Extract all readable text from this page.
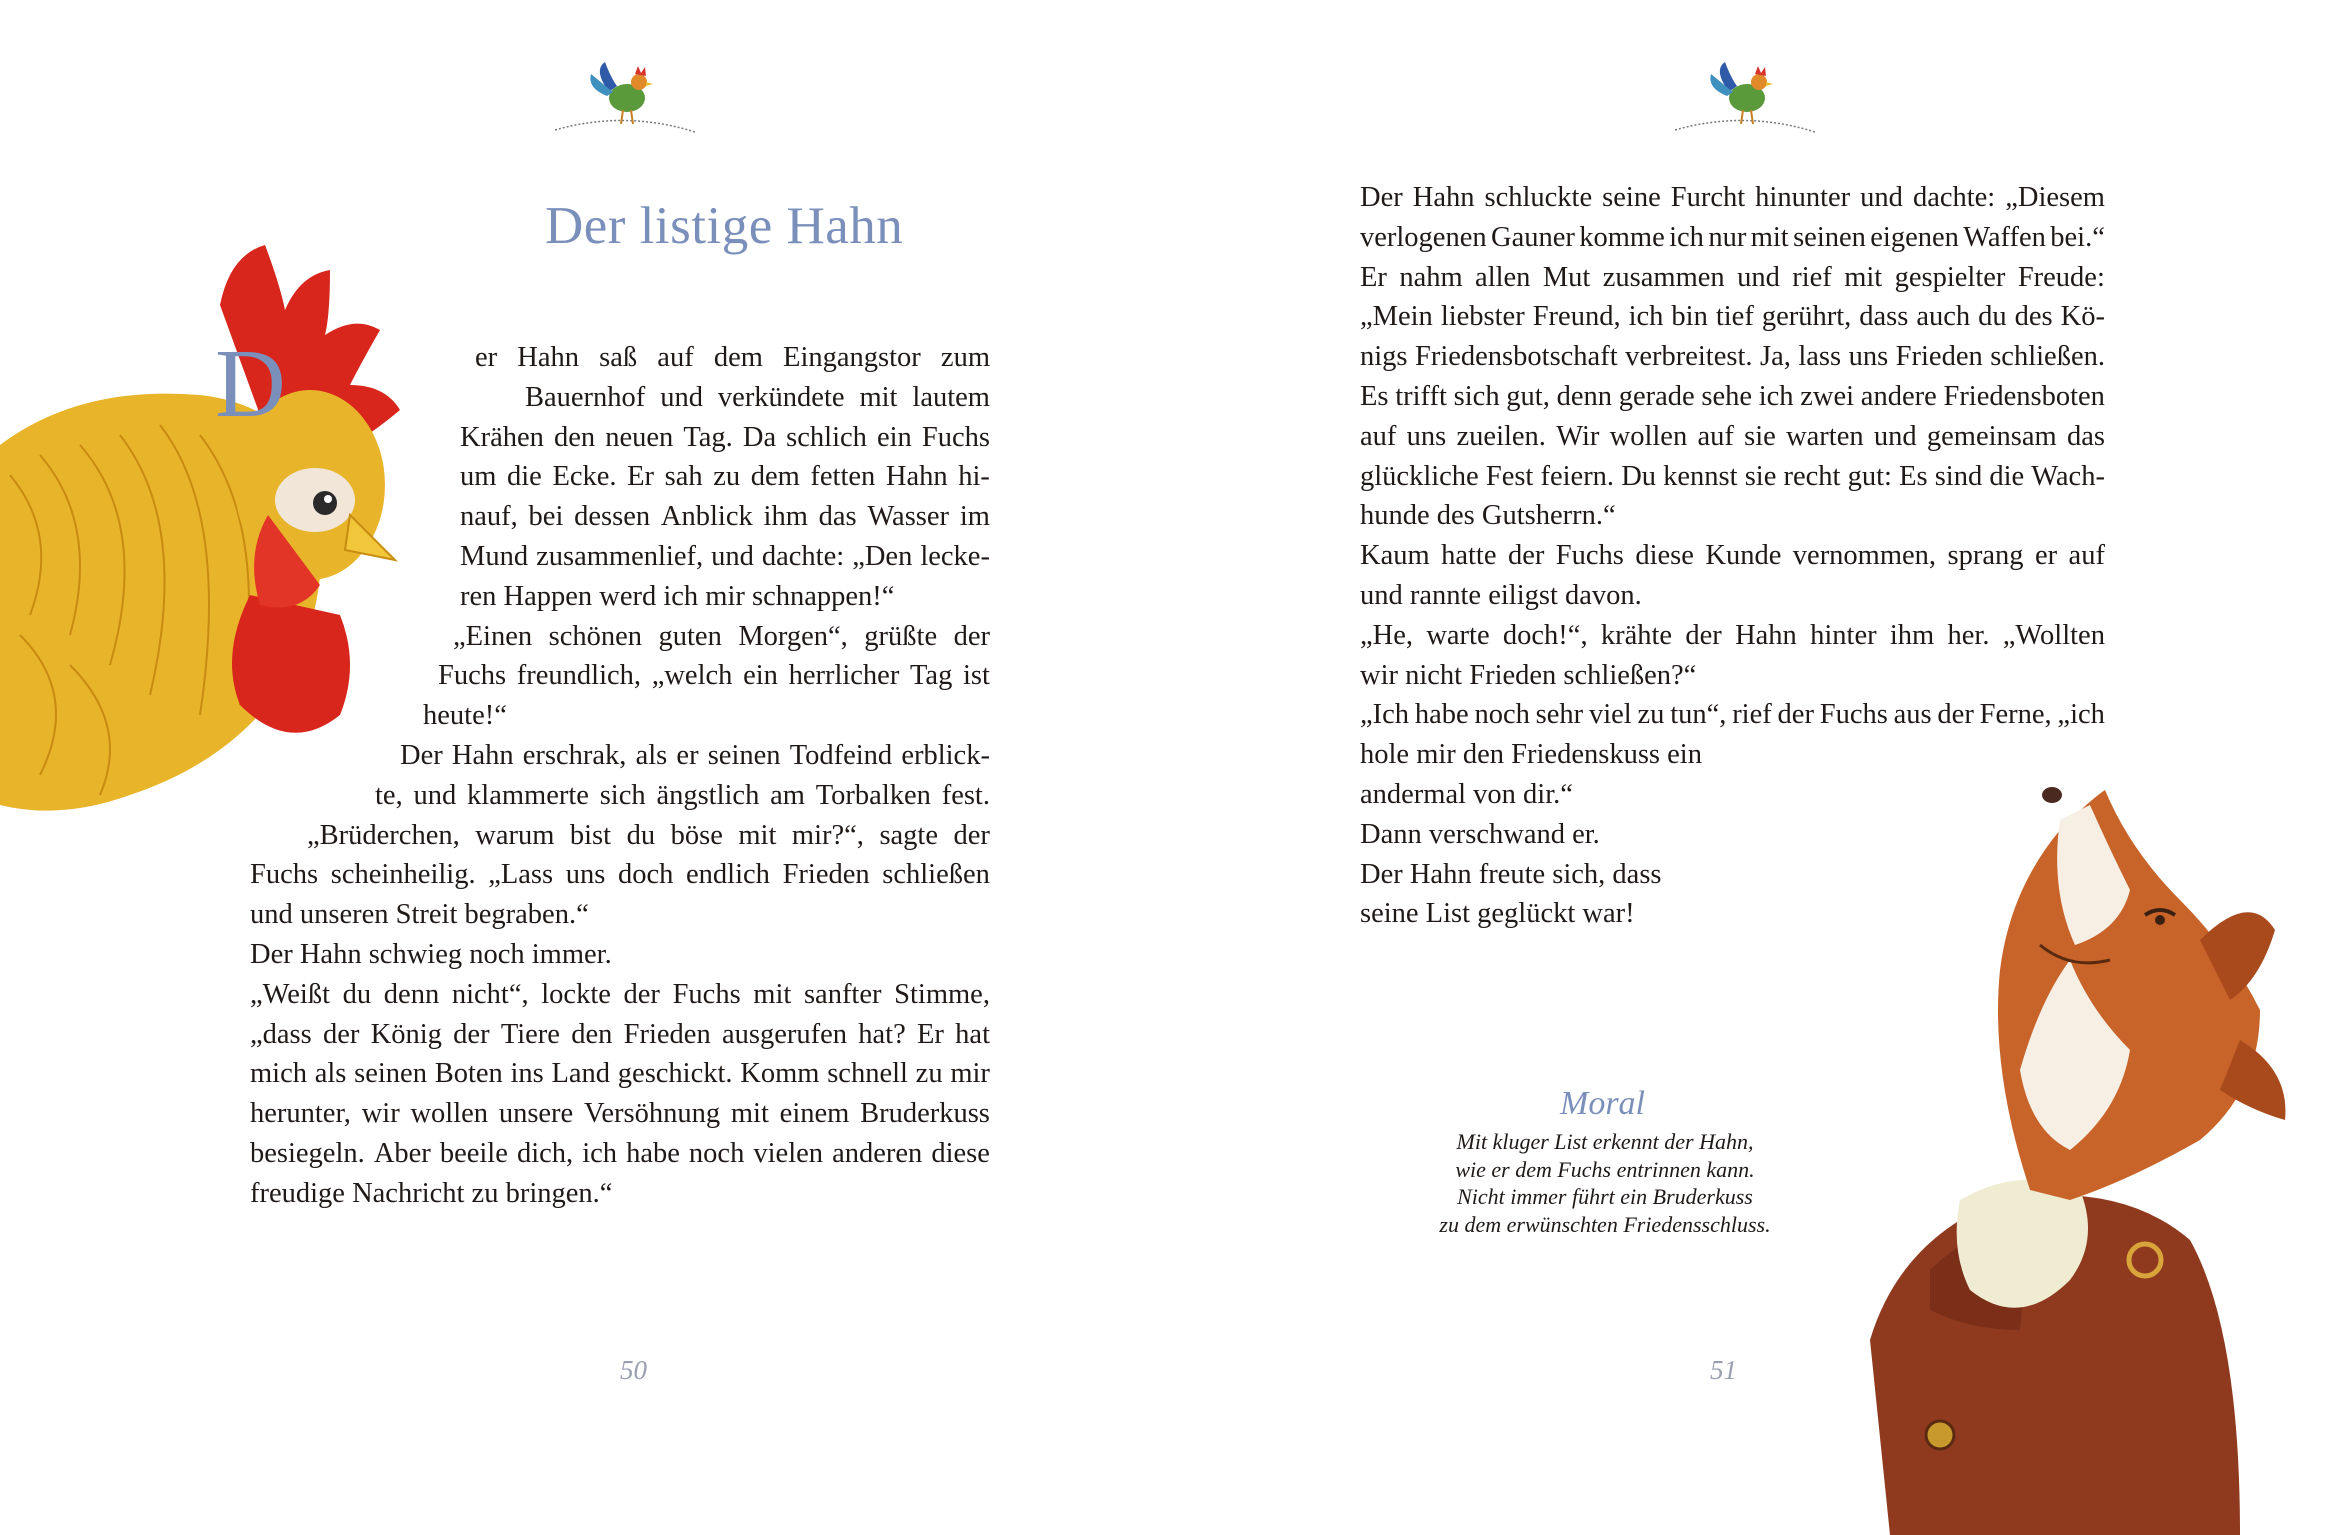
D
Der listige Hahn
er Hahn saß auf dem Eingangstor zum
Bauernhof und verkündete mit lautem
Krähen den neuen Tag. Da schlich ein Fuchs
um die Ecke. Er sah zu dem fetten Hahn hi-
nauf, bei dessen Anblick ihm das Wasser im
Mund zusammenlief, und dachte: „Den lecke-
ren Happen werd ich mir schnappen!“
„Einen schönen guten Morgen“, grüßte der
Fuchs freundlich, „welch ein herrlicher Tag ist
heute!“
Der Hahn erschrak, als er seinen Todfeind erblick-
te, und klammerte sich ängstlich am Torbalken fest.
„Brüderchen, warum bist du böse mit mir?“, sagte der
Fuchs scheinheilig. „Lass uns doch endlich Frieden schließen
und unseren Streit begraben.“
Der Hahn schwieg noch immer.
„Weißt du denn nicht“, lockte der Fuchs mit sanfter Stimme,
„dass der König der Tiere den Frieden ausgerufen hat? Er hat
mich als seinen Boten ins Land geschickt. Komm schnell zu mir
herunter, wir wollen unsere Versöhnung mit einem Bruderkuss
besiegeln. Aber beeile dich, ich habe noch vielen anderen diese
freudige Nachricht zu bringen.“
50
Der Hahn schluckte seine Furcht hinunter und dachte: „Diesem
verlogenen Gauner komme ich nur mit seinen eigenen Waffen bei.“
Er nahm allen Mut zusammen und rief mit gespielter Freude:
„Mein liebster Freund, ich bin tief gerührt, dass auch du des Kö-
nigs Friedensbotschaft verbreitest. Ja, lass uns Frieden schließen.
Es trifft sich gut, denn gerade sehe ich zwei andere Friedensboten
auf uns zueilen. Wir wollen auf sie warten und gemeinsam das
glückliche Fest feiern. Du kennst sie recht gut: Es sind die Wach-
hunde des Gutsherrn.“
Kaum hatte der Fuchs diese Kunde vernommen, sprang er auf
und rannte eiligst davon.
„He, warte doch!“, krähte der Hahn hinter ihm her. „Wollten
wir nicht Frieden schließen?“
„Ich habe noch sehr viel zu tun“, rief der Fuchs aus der Ferne, „ich
hole mir den Friedenskuss ein
andermal von dir.“
Dann verschwand er.
Der Hahn freute sich, dass
seine List geglückt war!
Moral
Mit kluger List erkennt der Hahn,
wie er dem Fuchs entrinnen kann.
Nicht immer führt ein Bruderkuss
zu dem erwünschten Friedensschluss.
51
